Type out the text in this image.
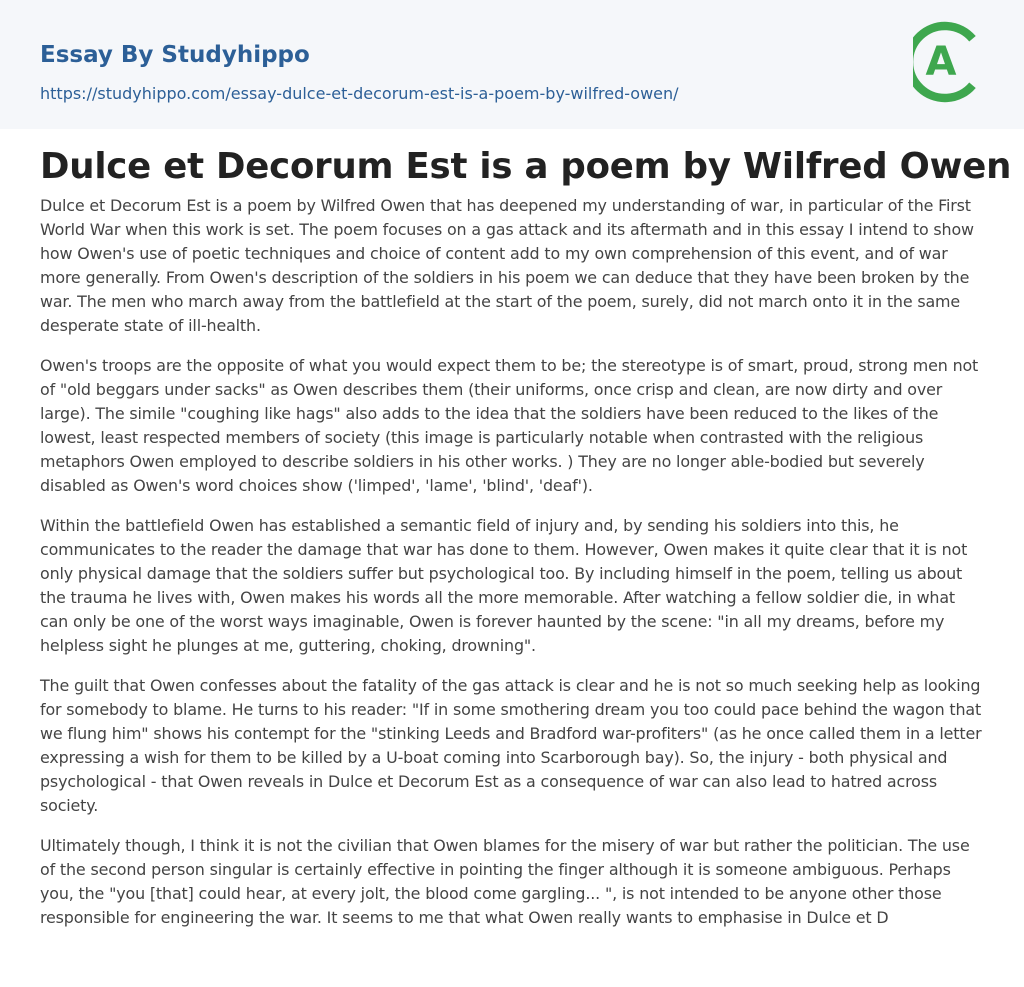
Essay By Studyhippo
https://studyhippo.com/essay-dulce-et-decorum-est-is-a-poem-by-wilfred-owen/
A
Dulce et Decorum Est is a poem by Wilfred Owen

Dulce et Decorum Est is a poem by Wilfred Owen that has deepened my understanding of war, in particular of the First World War when this work is set. The poem focuses on a gas attack and its aftermath and in this essay I intend to show how Owen's use of poetic techniques and choice of content add to my own comprehension of this event, and of war more generally. From Owen's description of the soldiers in his poem we can deduce that they have been broken by the war. The men who march away from the battlefield at the start of the poem, surely, did not march onto it in the same desperate state of ill-health.

Owen's troops are the opposite of what you would expect them to be; the stereotype is of smart, proud, strong men not of "old beggars under sacks" as Owen describes them (their uniforms, once crisp and clean, are now dirty and over large). The simile "coughing like hags" also adds to the idea that the soldiers have been reduced to the likes of the lowest, least respected members of society (this image is particularly notable when contrasted with the religious metaphors Owen employed to describe soldiers in his other works. ) They are no longer able-bodied but severely disabled as Owen's word choices show ('limped', 'lame', 'blind', 'deaf').

Within the battlefield Owen has established a semantic field of injury and, by sending his soldiers into this, he communicates to the reader the damage that war has done to them. However, Owen makes it quite clear that it is not only physical damage that the soldiers suffer but psychological too. By including himself in the poem, telling us about the trauma he lives with, Owen makes his words all the more memorable. After watching a fellow soldier die, in what can only be one of the worst ways imaginable, Owen is forever haunted by the scene: "in all my dreams, before my helpless sight he plunges at me, guttering, choking, drowning".

The guilt that Owen confesses about the fatality of the gas attack is clear and he is not so much seeking help as looking for somebody to blame. He turns to his reader: "If in some smothering dream you too could pace behind the wagon that we flung him" shows his contempt for the "stinking Leeds and Bradford war-profiters" (as he once called them in a letter expressing a wish for them to be killed by a U-boat coming into Scarborough bay). So, the injury - both physical and psychological - that Owen reveals in Dulce et Decorum Est as a consequence of war can also lead to hatred across society.

Ultimately though, I think it is not the civilian that Owen blames for the misery of war but rather the politician. The use of the second person singular is certainly effective in pointing the finger although it is someone ambiguous. Perhaps you, the "you [that] could hear, at every jolt, the blood come gargling... ", is not intended to be anyone other those responsible for engineering the war. It seems to me that what Owen really wants to emphasise in Dulce et D
